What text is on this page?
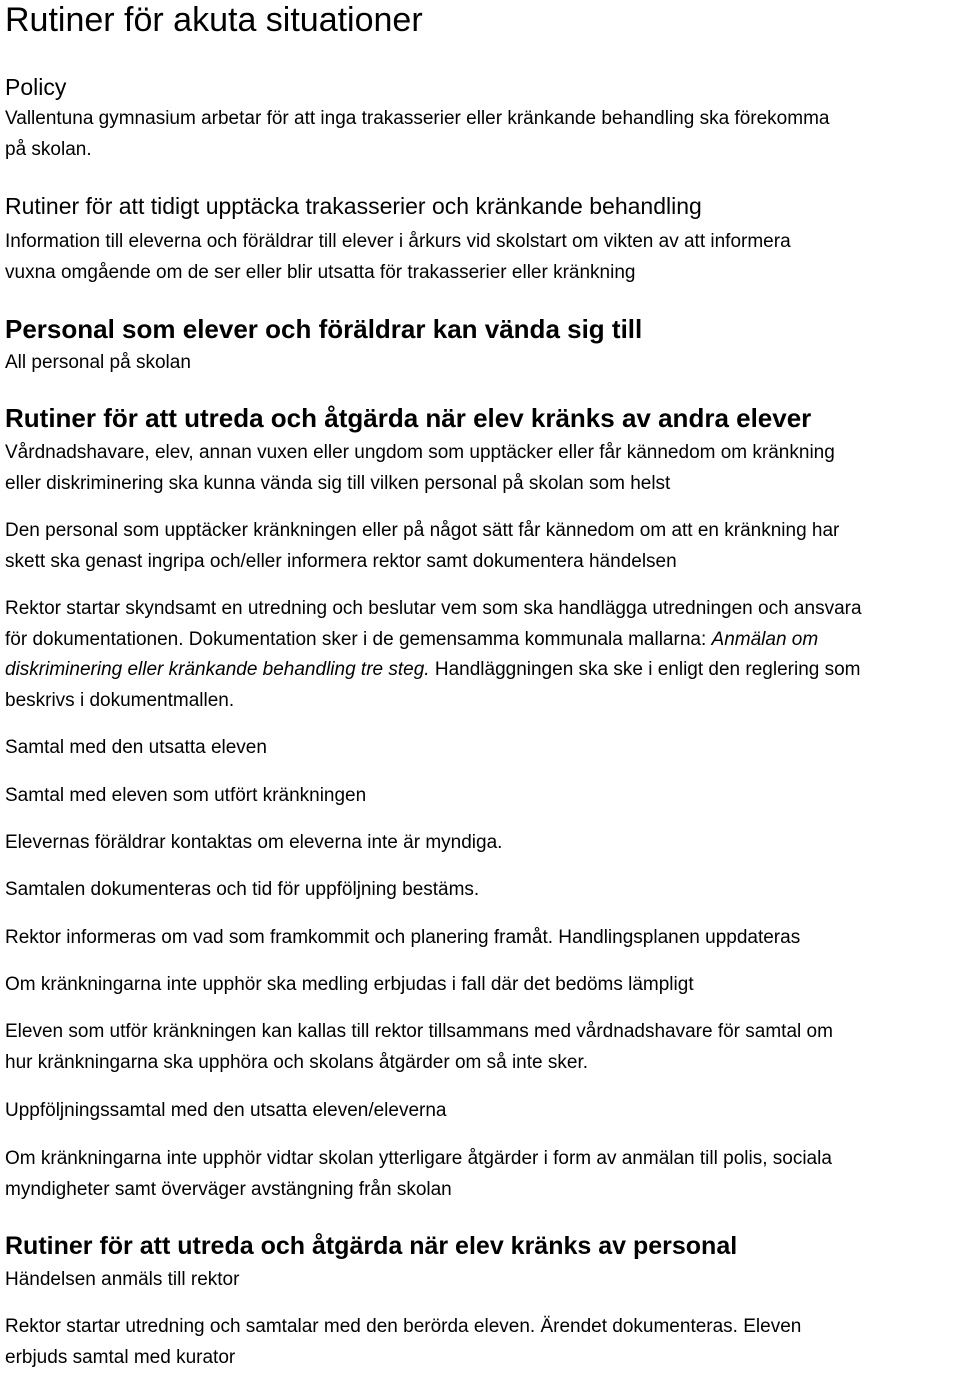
Rutiner för akuta situationer
Policy
Vallentuna gymnasium arbetar för att inga trakasserier eller kränkande behandling ska förekomma
på skolan.
Rutiner för att tidigt upptäcka trakasserier och kränkande behandling
Information till eleverna och föräldrar till elever i årkurs vid skolstart om vikten av att informera
vuxna omgående om de ser eller blir utsatta för trakasserier eller kränkning
Personal som elever och föräldrar kan vända sig till
All personal på skolan
Rutiner för att utreda och åtgärda när elev kränks av andra elever
Vårdnadshavare, elev, annan vuxen eller ungdom som upptäcker eller får kännedom om kränkning
eller diskriminering ska kunna vända sig till vilken personal på skolan som helst
Den personal som upptäcker kränkningen eller på något sätt får kännedom om att en kränkning har
skett ska genast ingripa och/eller informera rektor samt dokumentera händelsen
Rektor startar skyndsamt en utredning och beslutar vem som ska handlägga utredningen och ansvara
för dokumentationen. Dokumentation sker i de gemensamma kommunala mallarna: Anmälan om
diskriminering eller kränkande behandling tre steg. Handläggningen ska ske i enligt den reglering som
beskrivs i dokumentmallen.
Samtal med den utsatta eleven
Samtal med eleven som utfört kränkningen
Elevernas föräldrar kontaktas om eleverna inte är myndiga.
Samtalen dokumenteras och tid för uppföljning bestäms.
Rektor informeras om vad som framkommit och planering framåt. Handlingsplanen uppdateras
Om kränkningarna inte upphör ska medling erbjudas i fall där det bedöms lämpligt
Eleven som utför kränkningen kan kallas till rektor tillsammans med vårdnadshavare för samtal om
hur kränkningarna ska upphöra och skolans åtgärder om så inte sker.
Uppföljningssamtal med den utsatta eleven/eleverna
Om kränkningarna inte upphör vidtar skolan ytterligare åtgärder i form av anmälan till polis, sociala
myndigheter samt överväger avstängning från skolan
Rutiner för att utreda och åtgärda när elev kränks av personal
Händelsen anmäls till rektor
Rektor startar utredning och samtalar med den berörda eleven. Ärendet dokumenteras. Eleven
erbjuds samtal med kurator
